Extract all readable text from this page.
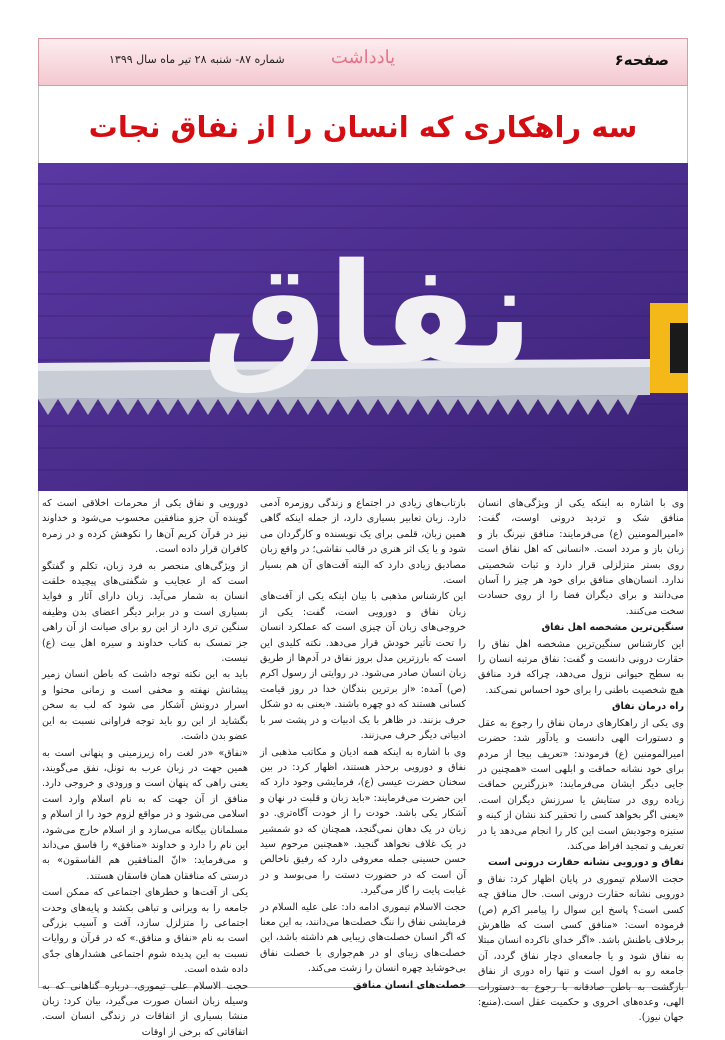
صفحه۶
یادداشت
شماره ۸۷- شنبه ۲۸ تیر ماه سال ۱۳۹۹
سه راهکاری که انسان را از نفاق نجات
نفاق

دورویی و نفاق یکی از محرمات اخلاقی است که گوینده آن جزو منافقین محسوب می‌شود و خداوند نیز در قرآن کریم آن‌ها را نکوهش کرده و در زمره کافران قرار داده است.

از ویژگی‌های منحصر به فرد زبان، تکلم و گفتگو است که از عجایب و شگفتی‌های پیچیده خلقت انسان به شمار می‌آید. زبان دارای آثار و فواید بسیاری است و در برابر دیگر اعضای بدن وظیفه سنگین تری دارد از این رو برای صیانت از آن راهی جز تمسک به کتاب خداوند و سیره اهل بیت (ع) نیست.

باید به این نکته توجه داشت که باطن انسان زمیر پیشانش نهفته و مخفی است و زمانی محتوا و اسرار درونش آشکار می شود که لب به سخن بگشاید از این رو باید توجه فراوانی نسبت به این عضو بدن داشت.

«نفاق» «در لغت راه زیرزمینی و پنهانی است به همین جهت در زبان عرب به تونل، نفق می‌گویند، یعنی راهی که پنهان است و ورودی و خروجی دارد. منافق از آن جهت که به نام اسلام وارد است اسلامی می‌شود و در مواقع لزوم خود را از اسلام و مسلمانان بیگانه می‌سازد و از اسلام خارج می‌شود، این نام را دارد و خداوند «منافق» را فاسق می‌داند و می‌فرماید: «انّ المنافقین هم الفاسقون» به درستی که منافقان همان فاسقان هستند.

یکی از آفت‌ها و خطرهای اجتماعی که ممکن است جامعه را به ویرانی و تباهی بکشد و پایه‌های وحدت اجتماعی را متزلزل سازد، آفت و آسیب بزرگی است به نام «نفاق و منافق.» که در قرآن و روایات نسبت به این پدیده شوم اجتماعی هشدارهای جدّی داده شده است.

حجت الاسلام علی تیموری، درباره گناهانی که به وسیله زبان انسان صورت می‌گیرد، بیان کرد: زبان منشا بسیاری از اتفاقات در زندگی انسان است. اتفاقاتی که برخی از اوقات

بازتاب‌های زیادی در اجتماع و زندگی روزمره آدمی دارد. زبان تعابیر بسیاری دارد، از جمله اینکه گاهی همین زبان، قلمی برای یک نویسنده و کارگردان می شود و یا یک اثر هنری در قالب نقاشی؛ در واقع زبان مصادیق زیادی دارد که البته آفت‌های آن هم بسیار است.

این کارشناس مذهبی با بیان اینکه یکی از آفت‌های زبان نفاق و دورویی است، گفت: یکی از خروجی‌های زبان آن چیزی است که عملکرد انسان را تحت تأثیر خودش قرار می‌دهد. نکته کلیدی این است که بارزترین مدل بروز نفاق در آدم‌ها از طریق زبان انسان صادر می‌شود. در روایتی از رسول اکرم (ص) آمده: «از برترین بندگان خدا در روز قیامت کسانی هستند که دو چهره باشند. «یعنی به دو شکل حرف بزنند. در ظاهر با یک ادبیات و در پشت سر با ادبیاتی دیگر حرف می‌زنند.

وی با اشاره به اینکه همه ادیان و مکاتب مذهبی از نفاق و دورویی برحذر هستند، اظهار کرد: در بین سخنان حضرت عیسی (ع)، فرمایشی وجود دارد که این حضرت می‌فرمایند: «باید زبان و قلبت در نهان و آشکار یکی باشد. خودت را از خودت آگاه‌تری. دو زبان در یک دهان نمی‌گنجد، همچنان که دو شمشیر در یک غلاف نخواهد گنجید. «همچنین مرحوم سید حسن حسینی جمله معروفی دارد که رفیق ناخالص آن است که در حضورت دستت را می‌بوسد و در غیابت پایت را گاز می‌گیرد.

حجت الاسلام تیموری ادامه داد: علی علیه السلام در فرمایشی نفاق را ننگ خصلت‌ها می‌دانند، به این معنا که اگر انسان خصلت‌های زیبایی هم داشته باشد، این خصلت‌های زیبای او در هم‌جواری با خصلت نفاق بی‌خوشاید چهره انسان را زشت می‌کند.

خصلت‌های انسان منافق

وی با اشاره به اینکه یکی از ویژگی‌های انسان منافق شک و تردید درونی اوست، گفت: «امیرالمومنین (ع) می‌فرمایند: منافق نیرنگ باز و زبان باز و مردد است. «انسانی که اهل نفاق است روی بستر متزلزلی قرار دارد و ثبات شخصیتی ندارد. انسان‌های منافق برای خود هر چیز را آسان می‌دانند و برای دیگران فضا را از روی حسادت سخت می‌کنند.

سنگین‌ترین مشخصه اهل نفاق

این کارشناس سنگین‌ترین مشخصه اهل نفاق را حقارت درونی دانست و گفت: نفاق مرتبه انسان را به سطح حیوانی نزول می‌دهد، چراکه فرد منافق هیچ شخصیت باطنی را برای خود احساس نمی‌کند.

راه درمان نفاق

وی یکی از راهکارهای درمان نفاق را رجوع به عقل و دستورات الهی دانست و یادآور شد: حضرت امیرالمومنین (ع) فرمودند: «تعریف بیجا از مردم برای خود نشانه حماقت و ابلهی است «همچنین در جایی دیگر ایشان می‌فرمایند: «بزرگترین حماقت زیاده روی در ستایش یا سرزنش دیگران است. «یعنی اگر بخواهد کسی را تحقیر کند نشان از کینه و ستیزه وجودیش است این کار را انجام می‌دهد یا در تعریف و تمجید افراط می‌کند.

نفاق و دورویی نشانه حقارت درونی است

حجت الاسلام تیموری در پایان اظهار کرد: نفاق و دورویی نشانه حقارت درونی است. حال منافق چه کسی است؟ پاسخ این سوال را پیامبر اکرم (ص) فرموده است: «منافق کسی است که ظاهرش برخلاف باطنش باشد. «اگر خدای ناکرده انسان مبتلا به نفاق شود و یا جامعه‌ای دچار نفاق گردد، آن جامعه رو به افول است و تنها راه دوری از نفاق بازگشت به باطن صادقانه با رجوع به دستورات الهی، وعده‌های اخروی و حکمیت عقل است.(منبع: جهان نیوز).
